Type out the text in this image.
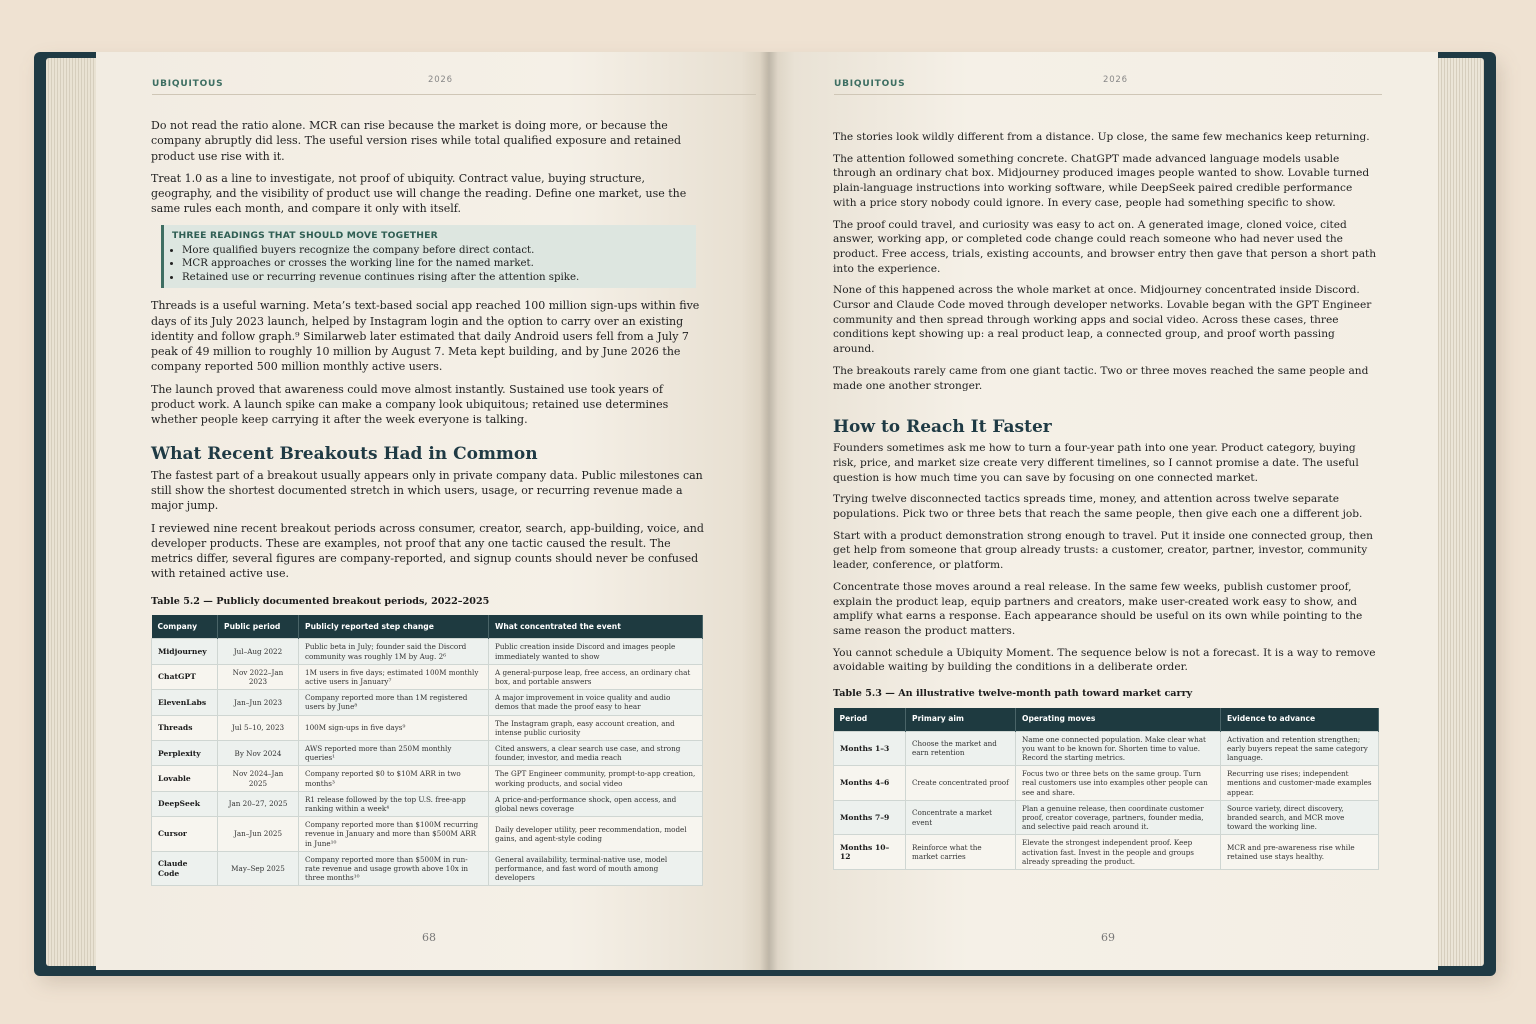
UBIQUITOUS	2026

Do not read the ratio alone. MCR can rise because the market is doing more, or because the company abruptly did less. The useful version rises while total qualified exposure and retained product use rise with it.

Treat 1.0 as a line to investigate, not proof of ubiquity. Contract value, buying structure, geography, and the visibility of product use will change the reading. Define one market, use the same rules each month, and compare it only with itself.

THREE READINGS THAT SHOULD MOVE TOGETHER
• More qualified buyers recognize the company before direct contact.
• MCR approaches or crosses the working line for the named market.
• Retained use or recurring revenue continues rising after the attention spike.

Threads is a useful warning. Meta’s text-based social app reached 100 million sign-ups within five days of its July 2023 launch, helped by Instagram login and the option to carry over an existing identity and follow graph.⁹ Similarweb later estimated that daily Android users fell from a July 7 peak of 49 million to roughly 10 million by August 7. Meta kept building, and by June 2026 the company reported 500 million monthly active users.

The launch proved that awareness could move almost instantly. Sustained use took years of product work. A launch spike can make a company look ubiquitous; retained use determines whether people keep carrying it after the week everyone is talking.

What Recent Breakouts Had in Common

The fastest part of a breakout usually appears only in private company data. Public milestones can still show the shortest documented stretch in which users, usage, or recurring revenue made a major jump.

I reviewed nine recent breakout periods across consumer, creator, search, app-building, voice, and developer products. These are examples, not proof that any one tactic caused the result. The metrics differ, several figures are company-reported, and signup counts should never be confused with retained active use.

Table 5.2 — Publicly documented breakout periods, 2022–2025
Company	Public period	Publicly reported step change	What concentrated the event
Midjourney	Jul–Aug 2022	Public beta in July; founder said the Discord community was roughly 1M by Aug. 2⁶	Public creation inside Discord and images people immediately wanted to show
ChatGPT	Nov 2022–Jan 2023	1M users in five days; estimated 100M monthly active users in January⁷	A general-purpose leap, free access, an ordinary chat box, and portable answers
ElevenLabs	Jan–Jun 2023	Company reported more than 1M registered users by June⁸	A major improvement in voice quality and audio demos that made the proof easy to hear
Threads	Jul 5–10, 2023	100M sign-ups in five days⁹	The Instagram graph, easy account creation, and intense public curiosity
Perplexity	By Nov 2024	AWS reported more than 250M monthly queries¹	Cited answers, a clear search use case, and strong founder, investor, and media reach
Lovable	Nov 2024–Jan 2025	Company reported $0 to $10M ARR in two months³	The GPT Engineer community, prompt-to-app creation, working products, and social video
DeepSeek	Jan 20–27, 2025	R1 release followed by the top U.S. free-app ranking within a week⁴	A price-and-performance shock, open access, and global news coverage
Cursor	Jan–Jun 2025	Company reported more than $100M recurring revenue in January and more than $500M ARR in June¹⁰	Daily developer utility, peer recommendation, model gains, and agent-style coding
Claude Code	May–Sep 2025	Company reported more than $500M in run-rate revenue and usage growth above 10x in three months¹⁰	General availability, terminal-native use, model performance, and fast word of mouth among developers
68
UBIQUITOUS	2026

The stories look wildly different from a distance. Up close, the same few mechanics keep returning.

The attention followed something concrete. ChatGPT made advanced language models usable through an ordinary chat box. Midjourney produced images people wanted to show. Lovable turned plain-language instructions into working software, while DeepSeek paired credible performance with a price story nobody could ignore. In every case, people had something specific to show.

The proof could travel, and curiosity was easy to act on. A generated image, cloned voice, cited answer, working app, or completed code change could reach someone who had never used the product. Free access, trials, existing accounts, and browser entry then gave that person a short path into the experience.

None of this happened across the whole market at once. Midjourney concentrated inside Discord. Cursor and Claude Code moved through developer networks. Lovable began with the GPT Engineer community and then spread through working apps and social video. Across these cases, three conditions kept showing up: a real product leap, a connected group, and proof worth passing around.

The breakouts rarely came from one giant tactic. Two or three moves reached the same people and made one another stronger.

How to Reach It Faster

Founders sometimes ask me how to turn a four-year path into one year. Product category, buying risk, price, and market size create very different timelines, so I cannot promise a date. The useful question is how much time you can save by focusing on one connected market.

Trying twelve disconnected tactics spreads time, money, and attention across twelve separate populations. Pick two or three bets that reach the same people, then give each one a different job.

Start with a product demonstration strong enough to travel. Put it inside one connected group, then get help from someone that group already trusts: a customer, creator, partner, investor, community leader, conference, or platform.

Concentrate those moves around a real release. In the same few weeks, publish customer proof, explain the product leap, equip partners and creators, make user-created work easy to show, and amplify what earns a response. Each appearance should be useful on its own while pointing to the same reason the product matters.

You cannot schedule a Ubiquity Moment. The sequence below is not a forecast. It is a way to remove avoidable waiting by building the conditions in a deliberate order.

Table 5.3 — An illustrative twelve-month path toward market carry
Period	Primary aim	Operating moves	Evidence to advance
Months 1–3	Choose the market and earn retention	Name one connected population. Make clear what you want to be known for. Shorten time to value. Record the starting metrics.	Activation and retention strengthen; early buyers repeat the same category language.
Months 4–6	Create concentrated proof	Focus two or three bets on the same group. Turn real customers use into examples other people can see and share.	Recurring use rises; independent mentions and customer-made examples appear.
Months 7–9	Concentrate a market event	Plan a genuine release, then coordinate customer proof, creator coverage, partners, founder media, and selective paid reach around it.	Source variety, direct discovery, branded search, and MCR move toward the working line.
Months 10–12	Reinforce what the market carries	Elevate the strongest independent proof. Keep activation fast. Invest in the people and groups already spreading the product.	MCR and pre-awareness rise while retained use stays healthy.
69
